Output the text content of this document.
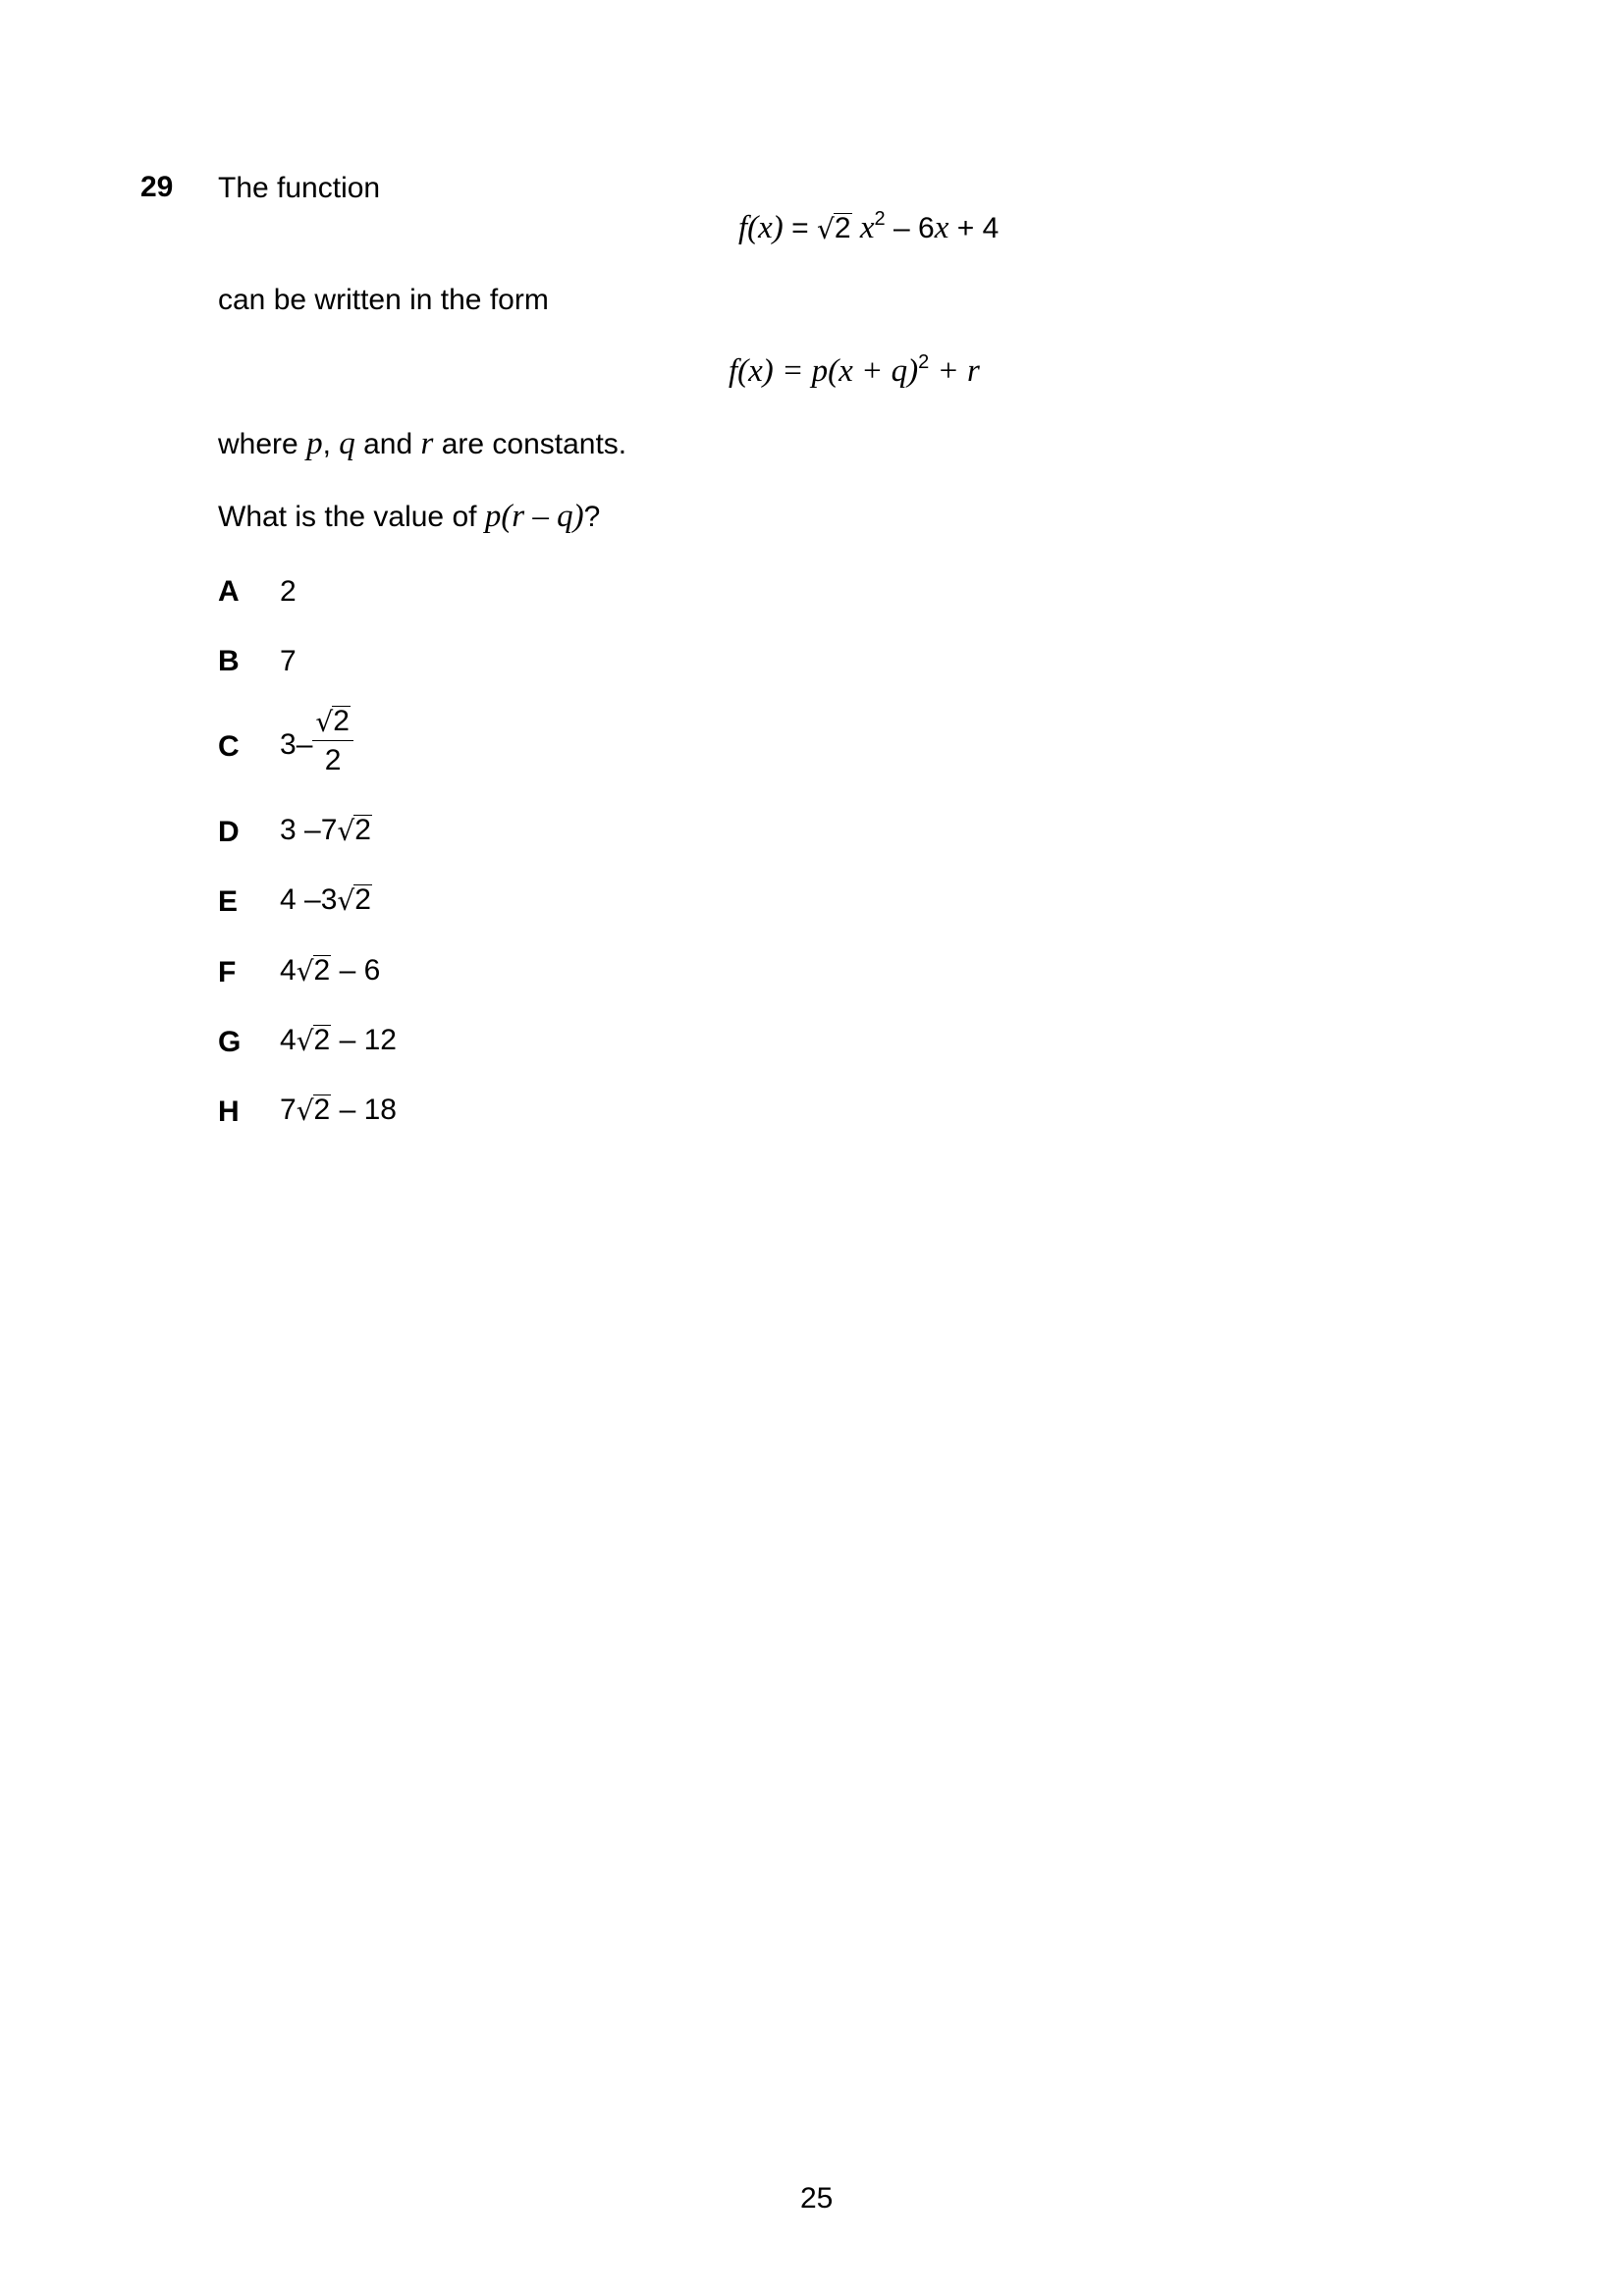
29 The function
f(x) = √2 $x^2 - 6x + 4$
can be written in the form
$f(x) = p(x + q)^2 + r$
where p, q and r are constants.
What is the value of p(r – q)?
A 2
B 7
C $3- \frac{√2}{2}$
D 3 –7√2
E 4 –3√2
F 4√2 – 6
G 4√2 – 12
H 7√2 – 18
25
